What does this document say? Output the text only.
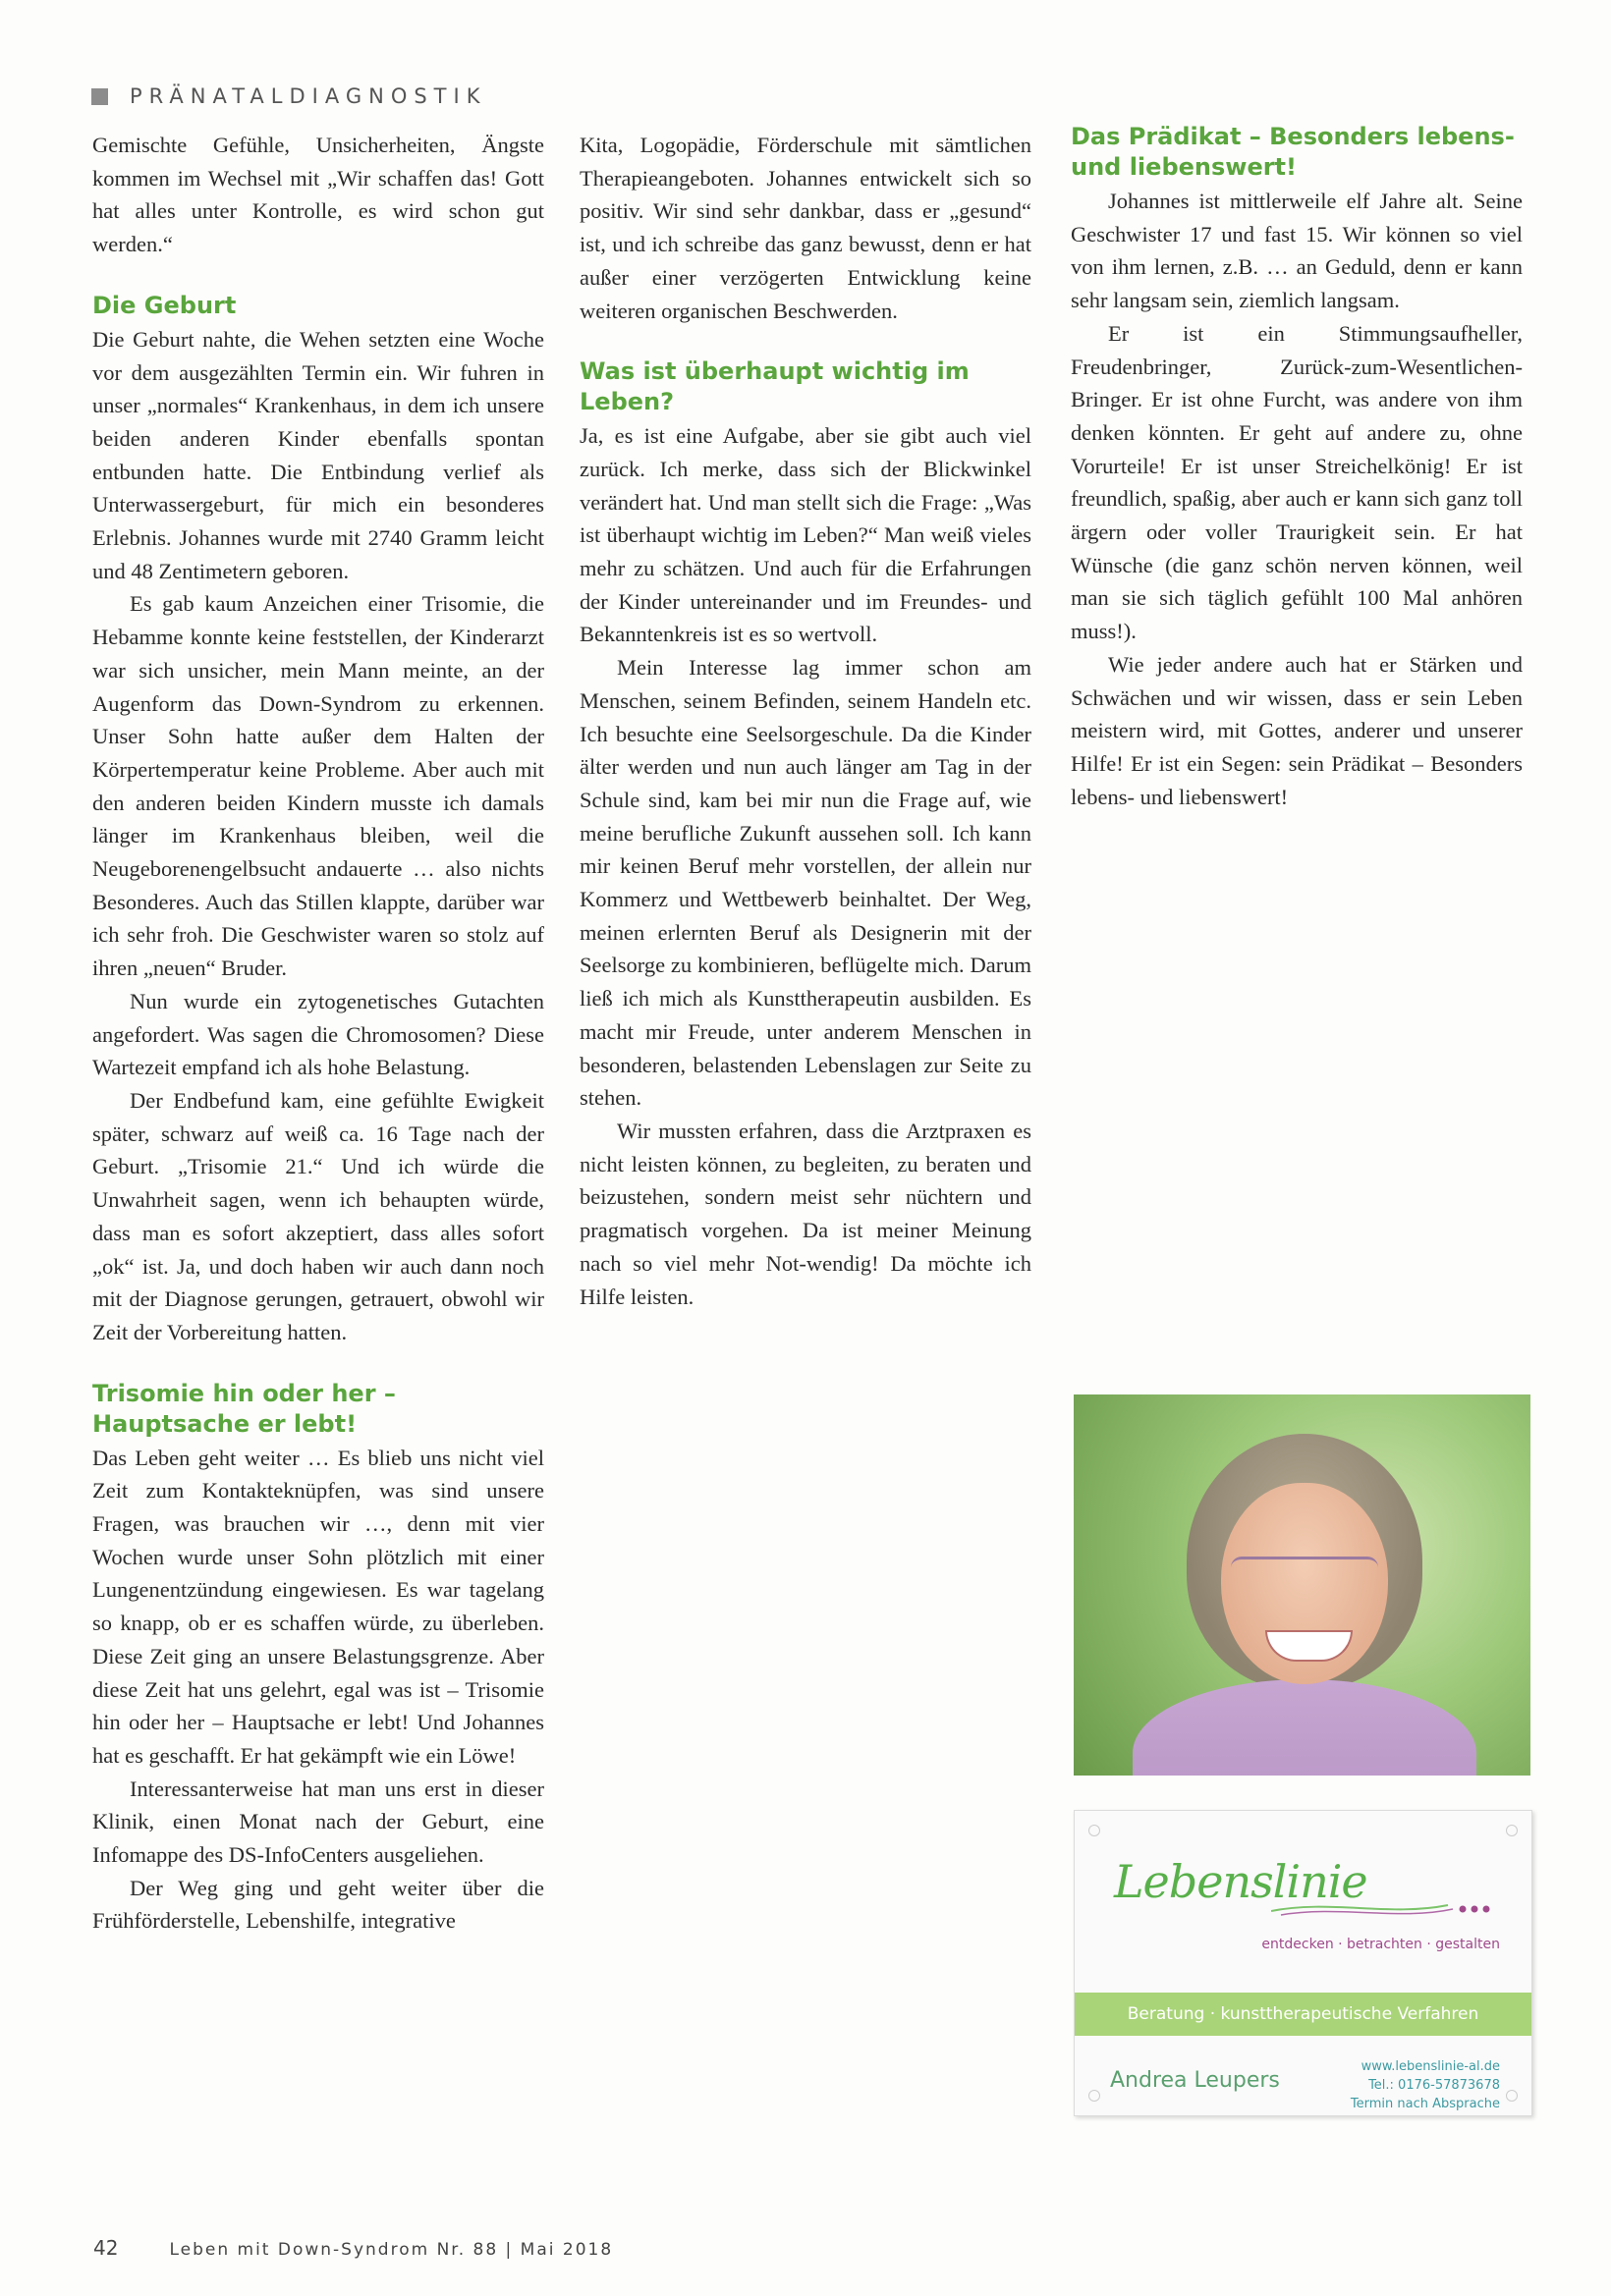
PRÄNATALDIAGNOSTIK

Gemischte Gefühle, Unsicherheiten, Ängste kommen im Wechsel mit „Wir schaffen das! Gott hat alles unter Kontrolle, es wird schon gut werden.“

Die Geburt

Die Geburt nahte, die Wehen setzten eine Woche vor dem ausgezählten Termin ein. Wir fuhren in unser „normales“ Krankenhaus, in dem ich unsere beiden anderen Kinder ebenfalls spontan entbunden hatte. Die Entbindung verlief als Unterwassergeburt, für mich ein besonderes Erlebnis. Johannes wurde mit 2740 Gramm leicht und 48 Zentimetern geboren.

Es gab kaum Anzeichen einer Trisomie, die Hebamme konnte keine feststellen, der Kinderarzt war sich unsicher, mein Mann meinte, an der Augenform das Down-Syndrom zu erkennen. Unser Sohn hatte außer dem Halten der Körpertemperatur keine Probleme. Aber auch mit den anderen beiden Kindern musste ich damals länger im Krankenhaus bleiben, weil die Neugeborenengelbsucht andauerte … also nichts Besonderes. Auch das Stillen klappte, darüber war ich sehr froh. Die Geschwister waren so stolz auf ihren „neuen“ Bruder.

Nun wurde ein zytogenetisches Gutachten angefordert. Was sagen die Chromosomen? Diese Wartezeit empfand ich als hohe Belastung.

Der Endbefund kam, eine gefühlte Ewigkeit später, schwarz auf weiß ca. 16 Tage nach der Geburt. „Trisomie 21.“ Und ich würde die Unwahrheit sagen, wenn ich behaupten würde, dass man es sofort akzeptiert, dass alles sofort „ok“ ist. Ja, und doch haben wir auch dann noch mit der Diagnose gerungen, getrauert, obwohl wir Zeit der Vorbereitung hatten.

Trisomie hin oder her – Hauptsache er lebt!

Das Leben geht weiter … Es blieb uns nicht viel Zeit zum Kontakteknüpfen, was sind unsere Fragen, was brauchen wir …, denn mit vier Wochen wurde unser Sohn plötzlich mit einer Lungenentzündung eingewiesen. Es war tagelang so knapp, ob er es schaffen würde, zu überleben. Diese Zeit ging an unsere Belastungsgrenze. Aber diese Zeit hat uns gelehrt, egal was ist – Trisomie hin oder her – Hauptsache er lebt! Und Johannes hat es geschafft. Er hat gekämpft wie ein Löwe!

Interessanterweise hat man uns erst in dieser Klinik, einen Monat nach der Geburt, eine Infomappe des DS-InfoCenters ausgeliehen.

Der Weg ging und geht weiter über die Frühförderstelle, Lebenshilfe, integrative

Kita, Logopädie, Förderschule mit sämtlichen Therapieangeboten. Johannes entwickelt sich so positiv. Wir sind sehr dankbar, dass er „gesund“ ist, und ich schreibe das ganz bewusst, denn er hat außer einer verzögerten Entwicklung keine weiteren organischen Beschwerden.

Was ist überhaupt wichtig im Leben?

Ja, es ist eine Aufgabe, aber sie gibt auch viel zurück. Ich merke, dass sich der Blickwinkel verändert hat. Und man stellt sich die Frage: „Was ist überhaupt wichtig im Leben?“ Man weiß vieles mehr zu schätzen. Und auch für die Erfahrungen der Kinder untereinander und im Freundes- und Bekanntenkreis ist es so wertvoll.

Mein Interesse lag immer schon am Menschen, seinem Befinden, seinem Handeln etc. Ich besuchte eine Seelsorgeschule. Da die Kinder älter werden und nun auch länger am Tag in der Schule sind, kam bei mir nun die Frage auf, wie meine berufliche Zukunft aussehen soll. Ich kann mir keinen Beruf mehr vorstellen, der allein nur Kommerz und Wettbewerb beinhaltet. Der Weg, meinen erlernten Beruf als Designerin mit der Seelsorge zu kombinieren, beflügelte mich. Darum ließ ich mich als Kunsttherapeutin ausbilden. Es macht mir Freude, unter anderem Menschen in besonderen, belastenden Lebenslagen zur Seite zu stehen.

Wir mussten erfahren, dass die Arztpraxen es nicht leisten können, zu begleiten, zu beraten und beizustehen, sondern meist sehr nüchtern und pragmatisch vorgehen. Da ist meiner Meinung nach so viel mehr Not-wendig! Da möchte ich Hilfe leisten.

Das Prädikat – Besonders lebens- und liebenswert!

Johannes ist mittlerweile elf Jahre alt. Seine Geschwister 17 und fast 15. Wir können so viel von ihm lernen, z.B. … an Geduld, denn er kann sehr langsam sein, ziemlich langsam.

Er ist ein Stimmungsaufheller, Freudenbringer, Zurück-zum-Wesentlichen-Bringer. Er ist ohne Furcht, was andere von ihm denken könnten. Er geht auf andere zu, ohne Vorurteile! Er ist unser Streichelkönig! Er ist freundlich, spaßig, aber auch er kann sich ganz toll ärgern oder voller Traurigkeit sein. Er hat Wünsche (die ganz schön nerven können, weil man sie sich täglich gefühlt 100 Mal anhören muss!).

Wie jeder andere auch hat er Stärken und Schwächen und wir wissen, dass er sein Leben meistern wird, mit Gottes, anderer und unserer Hilfe! Er ist ein Segen: sein Prädikat – Besonders lebens- und liebenswert!

Lebenslinie
entdecken · betrachten · gestalten
Beratung · kunsttherapeutische Verfahren
Andrea Leupers
www.lebenslinie-al.de
Tel.: 0176-57873678
Termin nach Absprache
42	Leben mit Down-Syndrom Nr. 88 | Mai 2018
